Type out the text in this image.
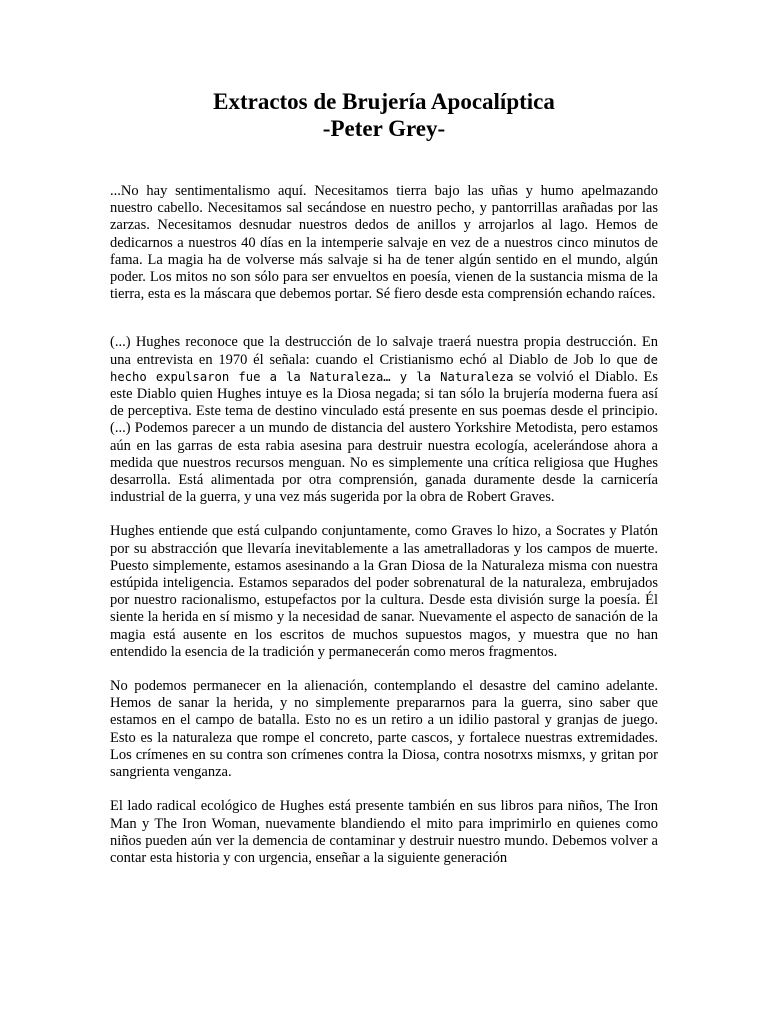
Extractos de Brujería Apocalíptica
-Peter Grey-

...No hay sentimentalismo aquí. Necesitamos tierra bajo las uñas y humo apelmazando nuestro cabello. Necesitamos sal secándose en nuestro pecho, y pantorrillas arañadas por las zarzas. Necesitamos desnudar nuestros dedos de anillos y arrojarlos al lago. Hemos de dedicarnos a nuestros 40 días en la intemperie salvaje en vez de a nuestros cinco minutos de fama. La magia ha de volverse más salvaje si ha de tener algún sentido en el mundo, algún poder. Los mitos no son sólo para ser envueltos en poesía, vienen de la sustancia misma de la tierra, esta es la máscara que debemos portar. Sé fiero desde esta comprensión echando raíces.

(...) Hughes reconoce que la destrucción de lo salvaje traerá nuestra propia destrucción. En una entrevista en 1970 él señala: cuando el Cristianismo echó al Diablo de Job lo que de hecho expulsaron fue a la Naturaleza… y la Naturaleza se volvió el Diablo. Es este Diablo quien Hughes intuye es la Diosa negada; si tan sólo la brujería moderna fuera así de perceptiva. Este tema de destino vinculado está presente en sus poemas desde el principio. (...) Podemos parecer a un mundo de distancia del austero Yorkshire Metodista, pero estamos aún en las garras de esta rabia asesina para destruir nuestra ecología, acelerándose ahora a medida que nuestros recursos menguan. No es simplemente una crítica religiosa que Hughes desarrolla. Está alimentada por otra comprensión, ganada duramente desde la carnicería industrial de la guerra, y una vez más sugerida por la obra de Robert Graves.

Hughes entiende que está culpando conjuntamente, como Graves lo hizo, a Socrates y Platón por su abstracción que llevaría inevitablemente a las ametralladoras y los campos de muerte. Puesto simplemente, estamos asesinando a la Gran Diosa de la Naturaleza misma con nuestra estúpida inteligencia. Estamos separados del poder sobrenatural de la naturaleza, embrujados por nuestro racionalismo, estupefactos por la cultura. Desde esta división surge la poesía. Él siente la herida en sí mismo y la necesidad de sanar. Nuevamente el aspecto de sanación de la magia está ausente en los escritos de muchos supuestos magos, y muestra que no han entendido la esencia de la tradición y permanecerán como meros fragmentos.

No podemos permanecer en la alienación, contemplando el desastre del camino adelante. Hemos de sanar la herida, y no simplemente prepararnos para la guerra, sino saber que estamos en el campo de batalla. Esto no es un retiro a un idilio pastoral y granjas de juego. Esto es la naturaleza que rompe el concreto, parte cascos, y fortalece nuestras extremidades. Los crímenes en su contra son crímenes contra la Diosa, contra nosotrxs mismxs, y gritan por sangrienta venganza.

El lado radical ecológico de Hughes está presente también en sus libros para niños, The Iron Man y The Iron Woman, nuevamente blandiendo el mito para imprimirlo en quienes como niños pueden aún ver la demencia de contaminar y destruir nuestro mundo. Debemos volver a contar esta historia y con urgencia, enseñar a la siguiente generación
